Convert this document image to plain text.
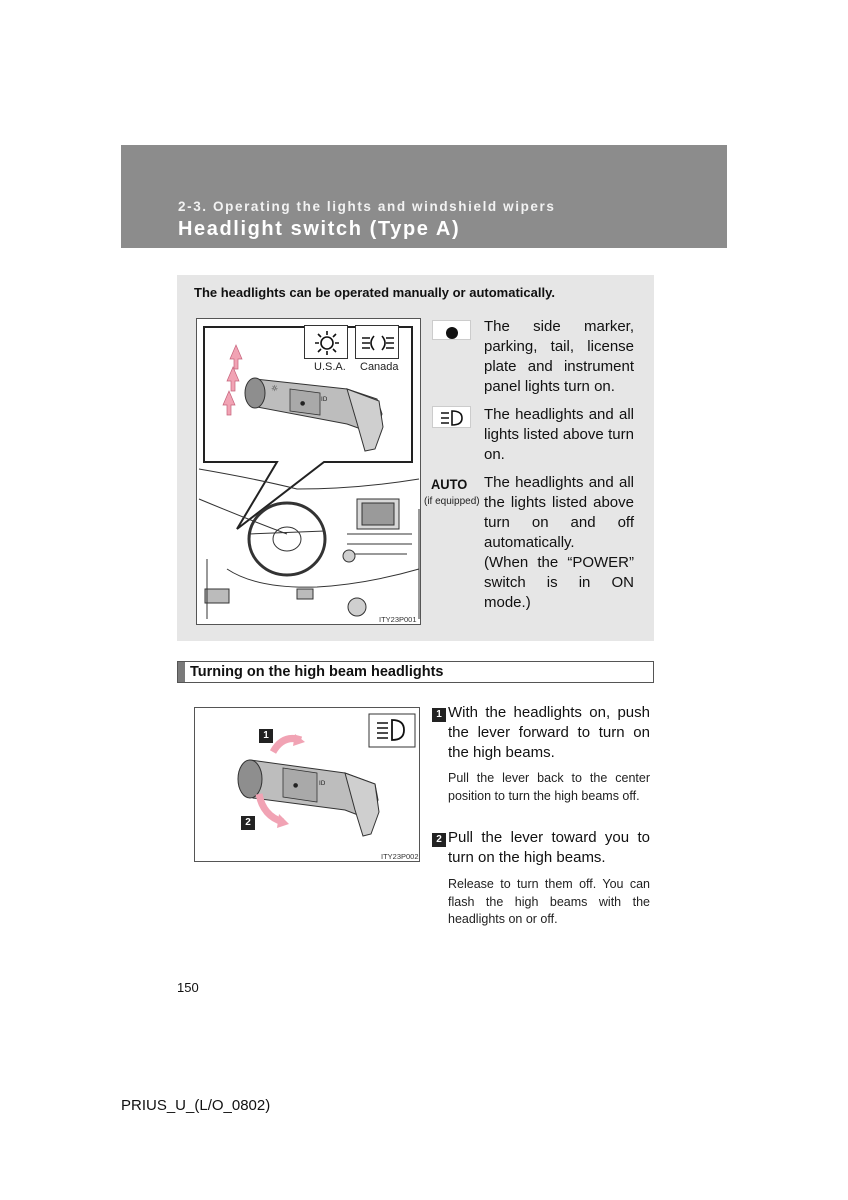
2-3. Operating the lights and windshield wipers

Headlight switch (Type A)

The headlights can be operated manually or automatically.

☼
●
ID
U.S.A. Canada
ITY23P001

The side marker, parking, tail, license plate and instrument panel lights turn on.

The headlights and all lights listed above turn on.

AUTO
(if equipped)

The headlights and all the lights listed above turn on and off automatically.

(When the “POWER” switch is in ON mode.)

Turning on the high beam headlights
●	ID
1
2
ITY23P002
1 With the headlights on, push the lever forward to turn on the high beams.

Pull the lever back to the center position to turn the high beams off.

2 Pull the lever toward you to turn on the high beams.

Release to turn them off. You can flash the high beams with the headlights on or off.

150
PRIUS_U_(L/O_0802)
